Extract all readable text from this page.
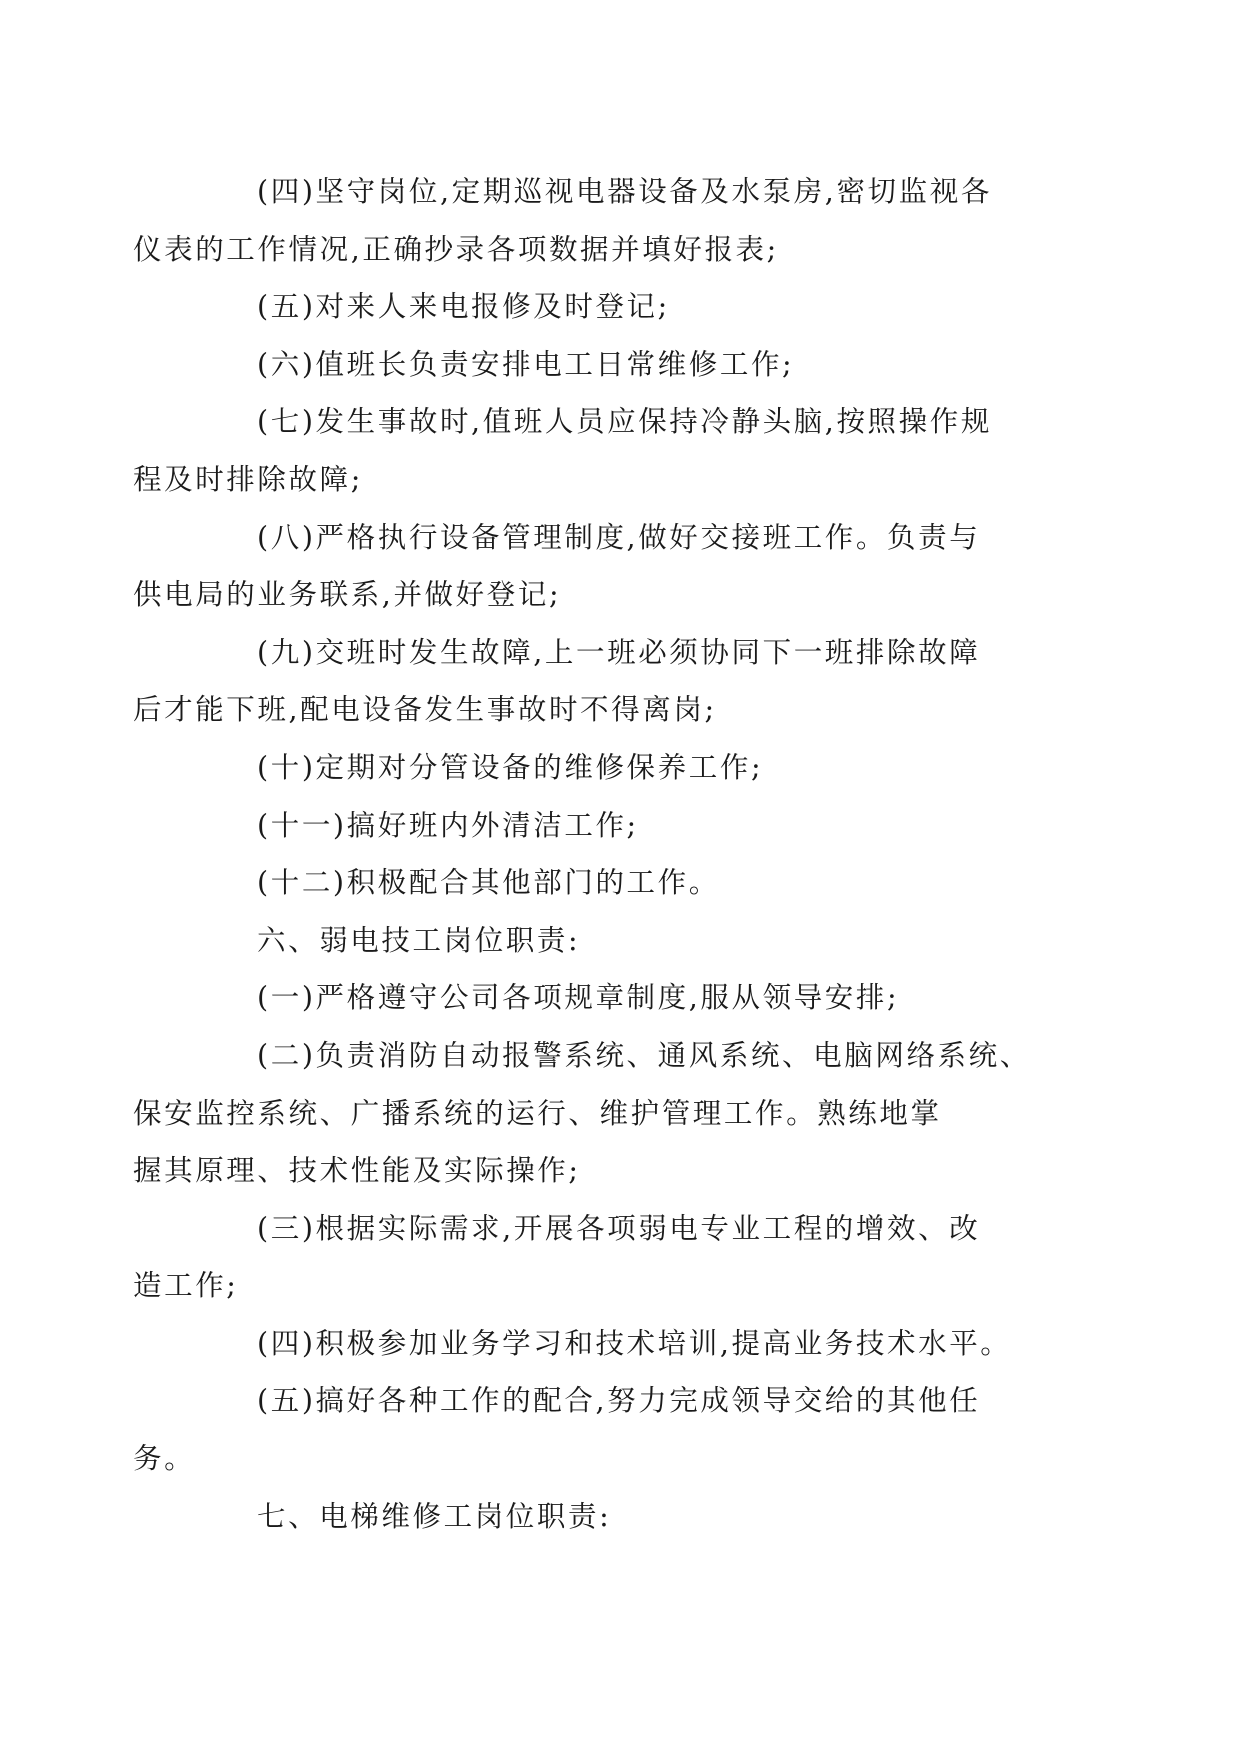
(四)坚守岗位,定期巡视电器设备及水泵房,密切监视各
仪表的工作情况,正确抄录各项数据并填好报表;

(五)对来人来电报修及时登记;

(六)值班长负责安排电工日常维修工作;

(七)发生事故时,值班人员应保持冷静头脑,按照操作规
程及时排除故障;

(八)严格执行设备管理制度,做好交接班工作。负责与
供电局的业务联系,并做好登记;

(九)交班时发生故障,上一班必须协同下一班排除故障
后才能下班,配电设备发生事故时不得离岗;

(十)定期对分管设备的维修保养工作;

(十一)搞好班内外清洁工作;

(十二)积极配合其他部门的工作。

六、弱电技工岗位职责:

(一)严格遵守公司各项规章制度,服从领导安排;

(二)负责消防自动报警系统、通风系统、电脑网络系统、
保安监控系统、广播系统的运行、维护管理工作。熟练地掌
握其原理、技术性能及实际操作;

(三)根据实际需求,开展各项弱电专业工程的增效、改
造工作;

(四)积极参加业务学习和技术培训,提高业务技术水平。

(五)搞好各种工作的配合,努力完成领导交给的其他任
务。

七、电梯维修工岗位职责:
